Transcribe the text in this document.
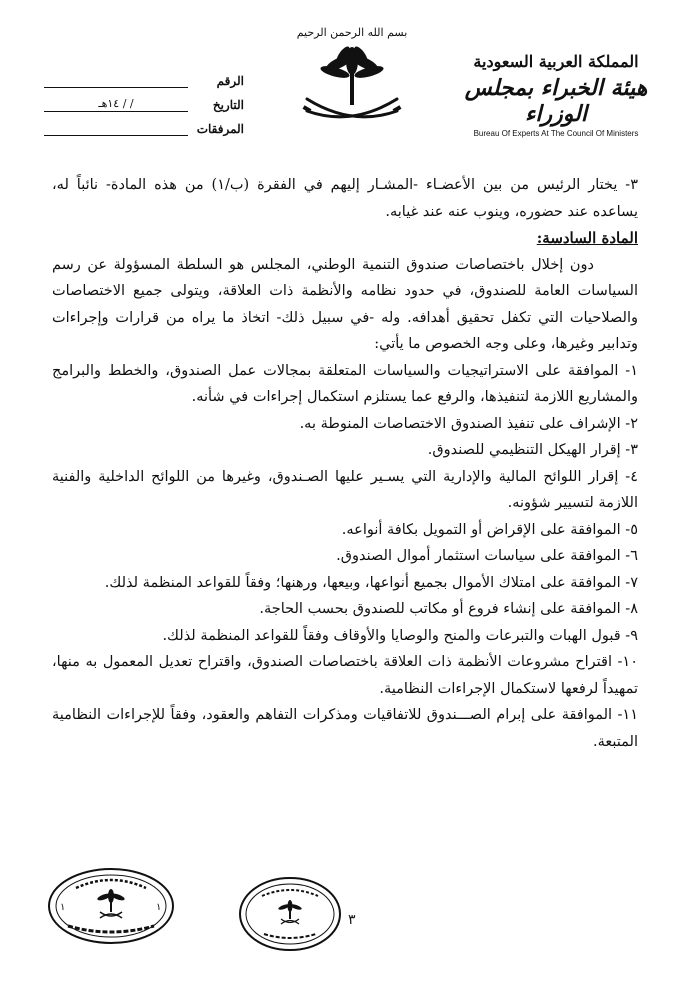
المملكة العربية السعودية
هيئة الخبراء بمجلس الوزراء
Bureau Of Experts At The Council Of Ministers
بسم الله الرحمن الرحيم
الرقم
التاريخ
/ / ١٤هـ
المرفقات

٣- يختار الرئيس من بين الأعضـاء -المشـار إليهم في الفقرة (ب/١) من هذه المادة- نائباً له، يساعده عند حضوره، وينوب عنه عند غيابه.

المادة السادسة:

دون إخلال باختصاصات صندوق التنمية الوطني، المجلس هو السلطة المسؤولة عن رسم السياسات العامة للصندوق، في حدود نظامه والأنظمة ذات العلاقة، ويتولى جميع الاختصاصات والصلاحيات التي تكفل تحقيق أهدافه. وله -في سبيل ذلك- اتخاذ ما يراه من قرارات وإجراءات وتدابير وغيرها، وعلى وجه الخصوص ما يأتي:

١- الموافقة على الاستراتيجيات والسياسات المتعلقة بمجالات عمل الصندوق، والخطط والبرامج والمشاريع اللازمة لتنفيذها، والرفع عما يستلزم استكمال إجراءات في شأنه.

٢- الإشراف على تنفيذ الصندوق الاختصاصات المنوطة به.

٣- إقرار الهيكل التنظيمي للصندوق.

٤- إقرار اللوائح المالية والإدارية التي يسـير عليها الصـندوق، وغيرها من اللوائح الداخلية والفنية اللازمة لتسيير شؤونه.

٥- الموافقة على الإقراض أو التمويل بكافة أنواعه.

٦- الموافقة على سياسات استثمار أموال الصندوق.

٧- الموافقة على امتلاك الأموال بجميع أنواعها، وبيعها، ورهنها؛ وفقاً للقواعد المنظمة لذلك.

٨- الموافقة على إنشاء فروع أو مكاتب للصندوق بحسب الحاجة.

٩- قبول الهبات والتبرعات والمنح والوصايا والأوقاف وفقاً للقواعد المنظمة لذلك.

١٠- اقتراح مشروعات الأنظمة ذات العلاقة باختصاصات الصندوق، واقتراح تعديل المعمول به منها، تمهيداً لرفعها لاستكمال الإجراءات النظامية.

١١- الموافقة على إبرام الصـــندوق للاتفاقيات ومذكرات التفاهم والعقود، وفقاً للإجراءات النظامية المتبعة.

٣
١	١
